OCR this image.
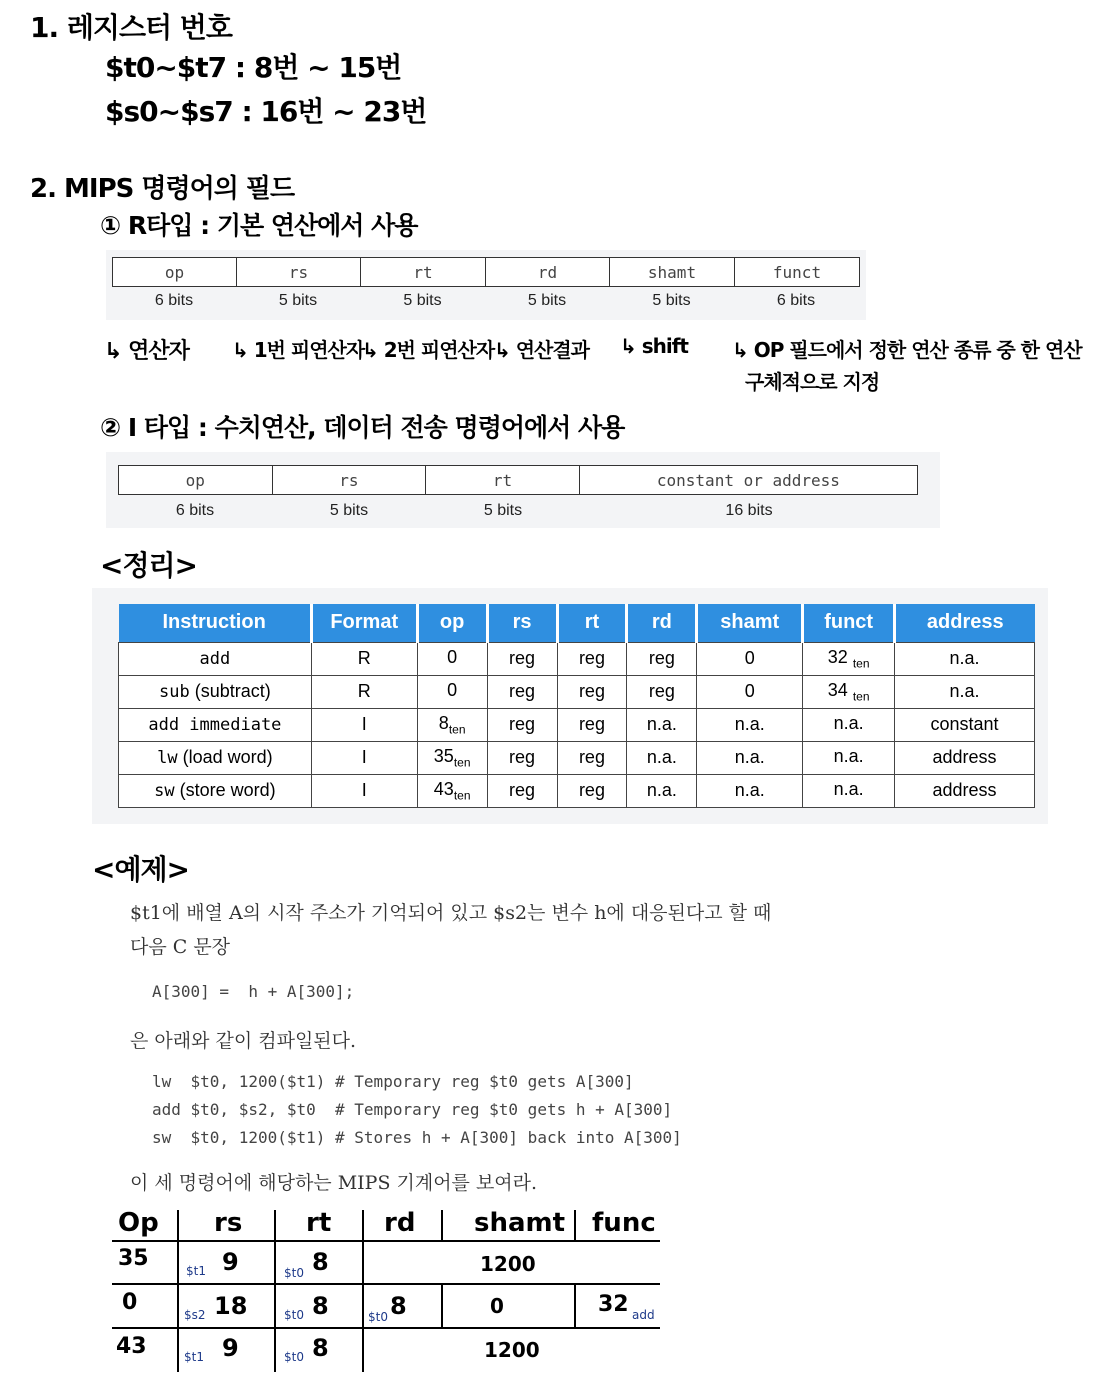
1. 레지스터 번호
$t0~$t7 : 8번 ~ 15번
$s0~$s7 : 16번 ~ 23번
2. MIPS 명령어의 필드
① R타입 : 기본 연산에서 사용
op	rs	rt	rd	shamt	funct
6 bits	5 bits	5 bits	5 bits	5 bits	6 bits
↳ 연산자 ↳ 1번 피연산자
↳ 2번 피연산자 ↳ 연산결과 ↳ shift ↳ OP 필드에서 정한 연산 종류 중 한 연산
구체적으로 지정
② I 타입 : 수치연산, 데이터 전송 명령어에서 사용
op	rs	rt	constant or address
6 bits	5 bits	5 bits	16 bits
<정리>
Instruction	Format	op	rs	rt	rd	shamt	funct	address
add	R	0	reg	reg	reg	0	32 $_{ten}$	n.a.
sub (subtract)	R	0	reg	reg	reg	0	34 $_{ten}$	n.a.
add immediate	I	$8_{ten}$	reg	reg	n.a.	n.a.	n.a.	constant
lw (load word)	I	$35_{ten}$	reg	reg	n.a.	n.a.	n.a.	address
sw (store word)	I	$43_{ten}$	reg	reg	n.a.	n.a.	n.a.	address
<예제>
$t1에 배열 A의 시작 주소가 기억되어 있고 $s2는 변수 h에 대응된다고 할 때
다음 C 문장
A[300] =  h + A[300];
은 아래와 같이 컴파일된다.
lw  $t0, 1200($t1) # Temporary reg $t0 gets A[300]
add $t0, $s2, $t0  # Temporary reg $t0 gets h + A[300]
sw  $t0, 1200($t1) # Stores h + A[300] back into A[300]
이 세 명령어에 해당하는 MIPS 기계어를 보여라.
Op rs rt rd shamt func
35	$t1 9	$t0 8	1200
0	$s2 18	$t0 8	$t0 8	0	32 add
43	$t1 9	$t0 8	1200
